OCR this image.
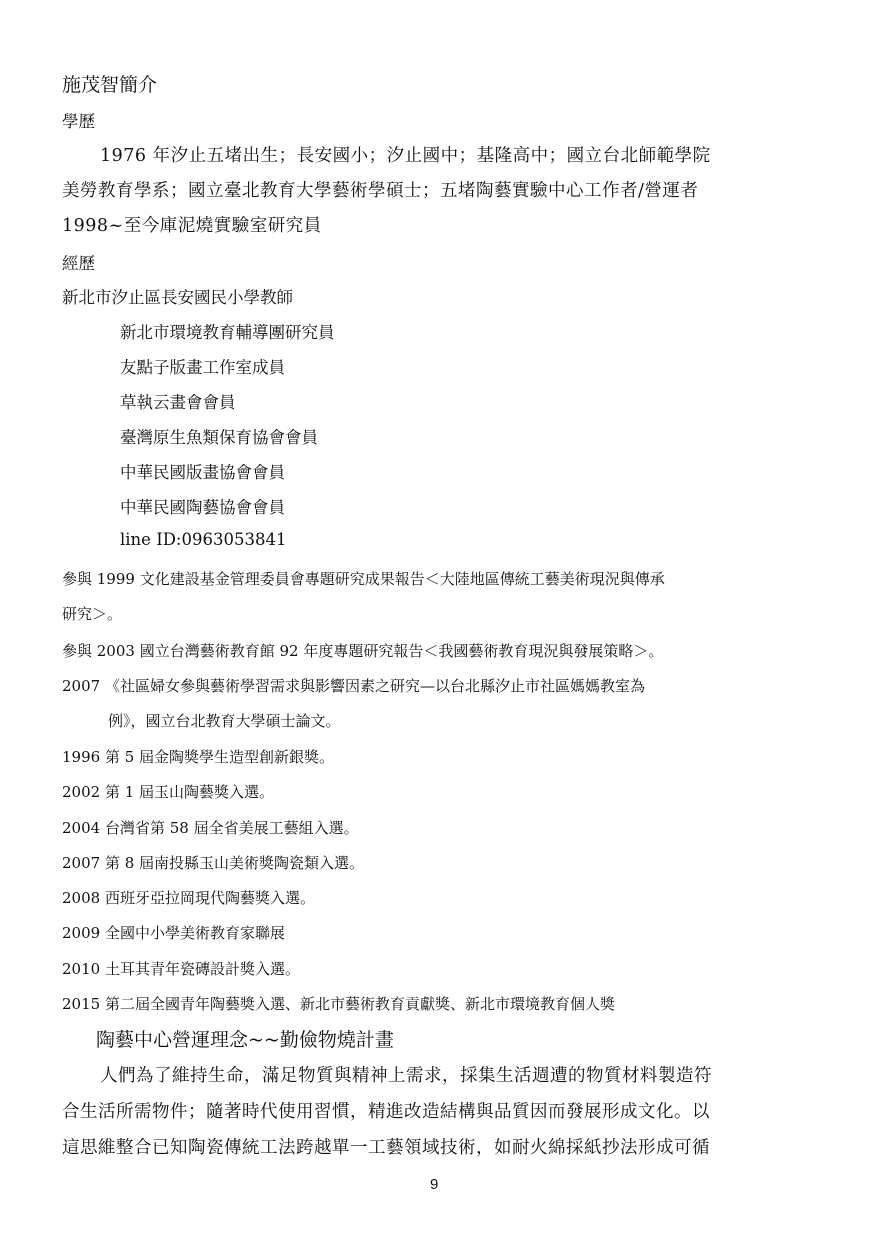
施茂智簡介
學歷
1976 年汐止五堵出生；長安國小；汐止國中；基隆高中；國立台北師範學院
美勞教育學系；國立臺北教育大學藝術學碩士；五堵陶藝實驗中心工作者/營運者
1998~至今庫泥燒實驗室研究員
經歷
新北市汐止區長安國民小學教師
新北市環境教育輔導團研究員
友點子版畫工作室成員
草執云畫會會員
臺灣原生魚類保育協會會員
中華民國版畫協會會員
中華民國陶藝協會會員
line ID:0963053841
參與 1999 文化建設基金管理委員會專題研究成果報告＜大陸地區傳統工藝美術現況與傳承
研究＞。
參與 2003 國立台灣藝術教育館 92 年度專題研究報告＜我國藝術教育現況與發展策略＞。
2007 《社區婦女參與藝術學習需求與影響因素之研究—以台北縣汐止市社區媽媽教室為
例》，國立台北教育大學碩士論文。
1996 第 5 屆金陶獎學生造型創新銀獎。
2002 第 1 屆玉山陶藝獎入選。
2004 台灣省第 58 屆全省美展工藝組入選。
2007 第 8 屆南投縣玉山美術獎陶瓷類入選。
2008 西班牙亞拉岡現代陶藝獎入選。
2009 全國中小學美術教育家聯展
2010 土耳其青年瓷磚設計獎入選。
2015 第二屆全國青年陶藝獎入選、新北市藝術教育貢獻獎、新北市環境教育個人獎
陶藝中心營運理念~~勤儉物燒計畫
人們為了維持生命，滿足物質與精神上需求，採集生活週遭的物質材料製造符
合生活所需物件；隨著時代使用習慣，精進改造結構與品質因而發展形成文化。以
這思維整合已知陶瓷傳統工法跨越單一工藝領域技術，如耐火綿採紙抄法形成可循
9
